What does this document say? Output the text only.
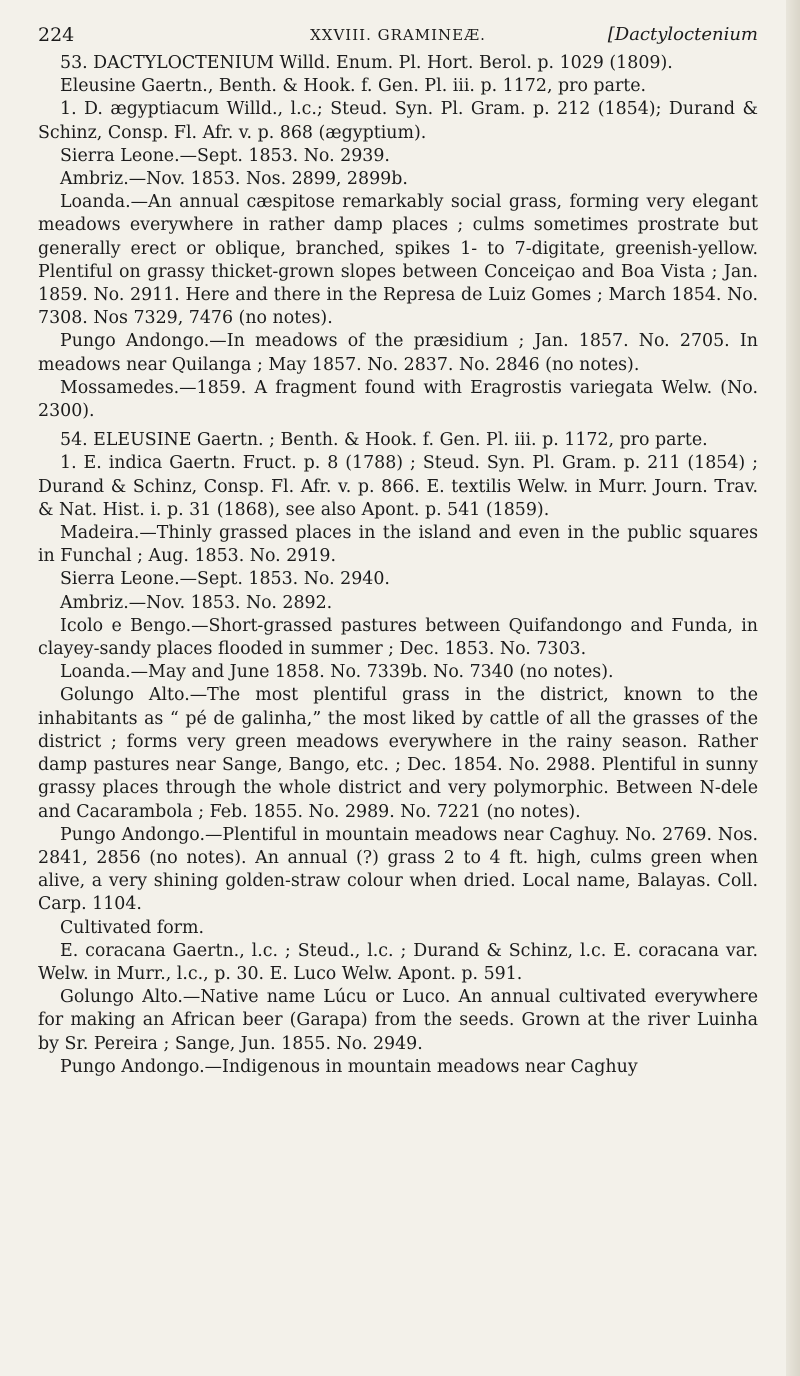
224	XXVIII. GRAMINEÆ.	[Dactyloctenium

53. DACTYLOCTENIUM Willd. Enum. Pl. Hort. Berol. p. 1029 (1809).

Eleusine Gaertn., Benth. & Hook. f. Gen. Pl. iii. p. 1172, pro parte.

1. D. ægyptiacum Willd., l.c.; Steud. Syn. Pl. Gram. p. 212 (1854); Durand & Schinz, Consp. Fl. Afr. v. p. 868 (ægyptium).

Sierra Leone.—Sept. 1853. No. 2939.

Ambriz.—Nov. 1853. Nos. 2899, 2899b.

Loanda.—An annual cæspitose remarkably social grass, forming very elegant meadows everywhere in rather damp places ; culms sometimes prostrate but generally erect or oblique, branched, spikes 1- to 7-digitate, greenish-yellow. Plentiful on grassy thicket-grown slopes between Conceiçao and Boa Vista ; Jan. 1859. No. 2911. Here and there in the Represa de Luiz Gomes ; March 1854. No. 7308. Nos 7329, 7476 (no notes).

Pungo Andongo.—In meadows of the præsidium ; Jan. 1857. No. 2705. In meadows near Quilanga ; May 1857. No. 2837. No. 2846 (no notes).

Mossamedes.—1859. A fragment found with Eragrostis variegata Welw. (No. 2300).

54. ELEUSINE Gaertn. ; Benth. & Hook. f. Gen. Pl. iii. p. 1172, pro parte.

1. E. indica Gaertn. Fruct. p. 8 (1788) ; Steud. Syn. Pl. Gram. p. 211 (1854) ; Durand & Schinz, Consp. Fl. Afr. v. p. 866. E. textilis Welw. in Murr. Journ. Trav. & Nat. Hist. i. p. 31 (1868), see also Apont. p. 541 (1859).

Madeira.—Thinly grassed places in the island and even in the public squares in Funchal ; Aug. 1853. No. 2919.

Sierra Leone.—Sept. 1853. No. 2940.

Ambriz.—Nov. 1853. No. 2892.

Icolo e Bengo.—Short-grassed pastures between Quifandongo and Funda, in clayey-sandy places flooded in summer ; Dec. 1853. No. 7303.

Loanda.—May and June 1858. No. 7339b. No. 7340 (no notes).

Golungo Alto.—The most plentiful grass in the district, known to the inhabitants as “ pé de galinha,” the most liked by cattle of all the grasses of the district ; forms very green meadows everywhere in the rainy season. Rather damp pastures near Sange, Bango, etc. ; Dec. 1854. No. 2988. Plentiful in sunny grassy places through the whole district and very polymorphic. Between N-dele and Cacarambola ; Feb. 1855. No. 2989. No. 7221 (no notes).

Pungo Andongo.—Plentiful in mountain meadows near Caghuy. No. 2769. Nos. 2841, 2856 (no notes). An annual (?) grass 2 to 4 ft. high, culms green when alive, a very shining golden-straw colour when dried. Local name, Balayas. Coll. Carp. 1104.

Cultivated form.

E. coracana Gaertn., l.c. ; Steud., l.c. ; Durand & Schinz, l.c. E. coracana var. Welw. in Murr., l.c., p. 30. E. Luco Welw. Apont. p. 591.

Golungo Alto.—Native name Lúcu or Luco. An annual cultivated everywhere for making an African beer (Garapa) from the seeds. Grown at the river Luinha by Sr. Pereira ; Sange, Jun. 1855. No. 2949.

Pungo Andongo.—Indigenous in mountain meadows near Caghuy
